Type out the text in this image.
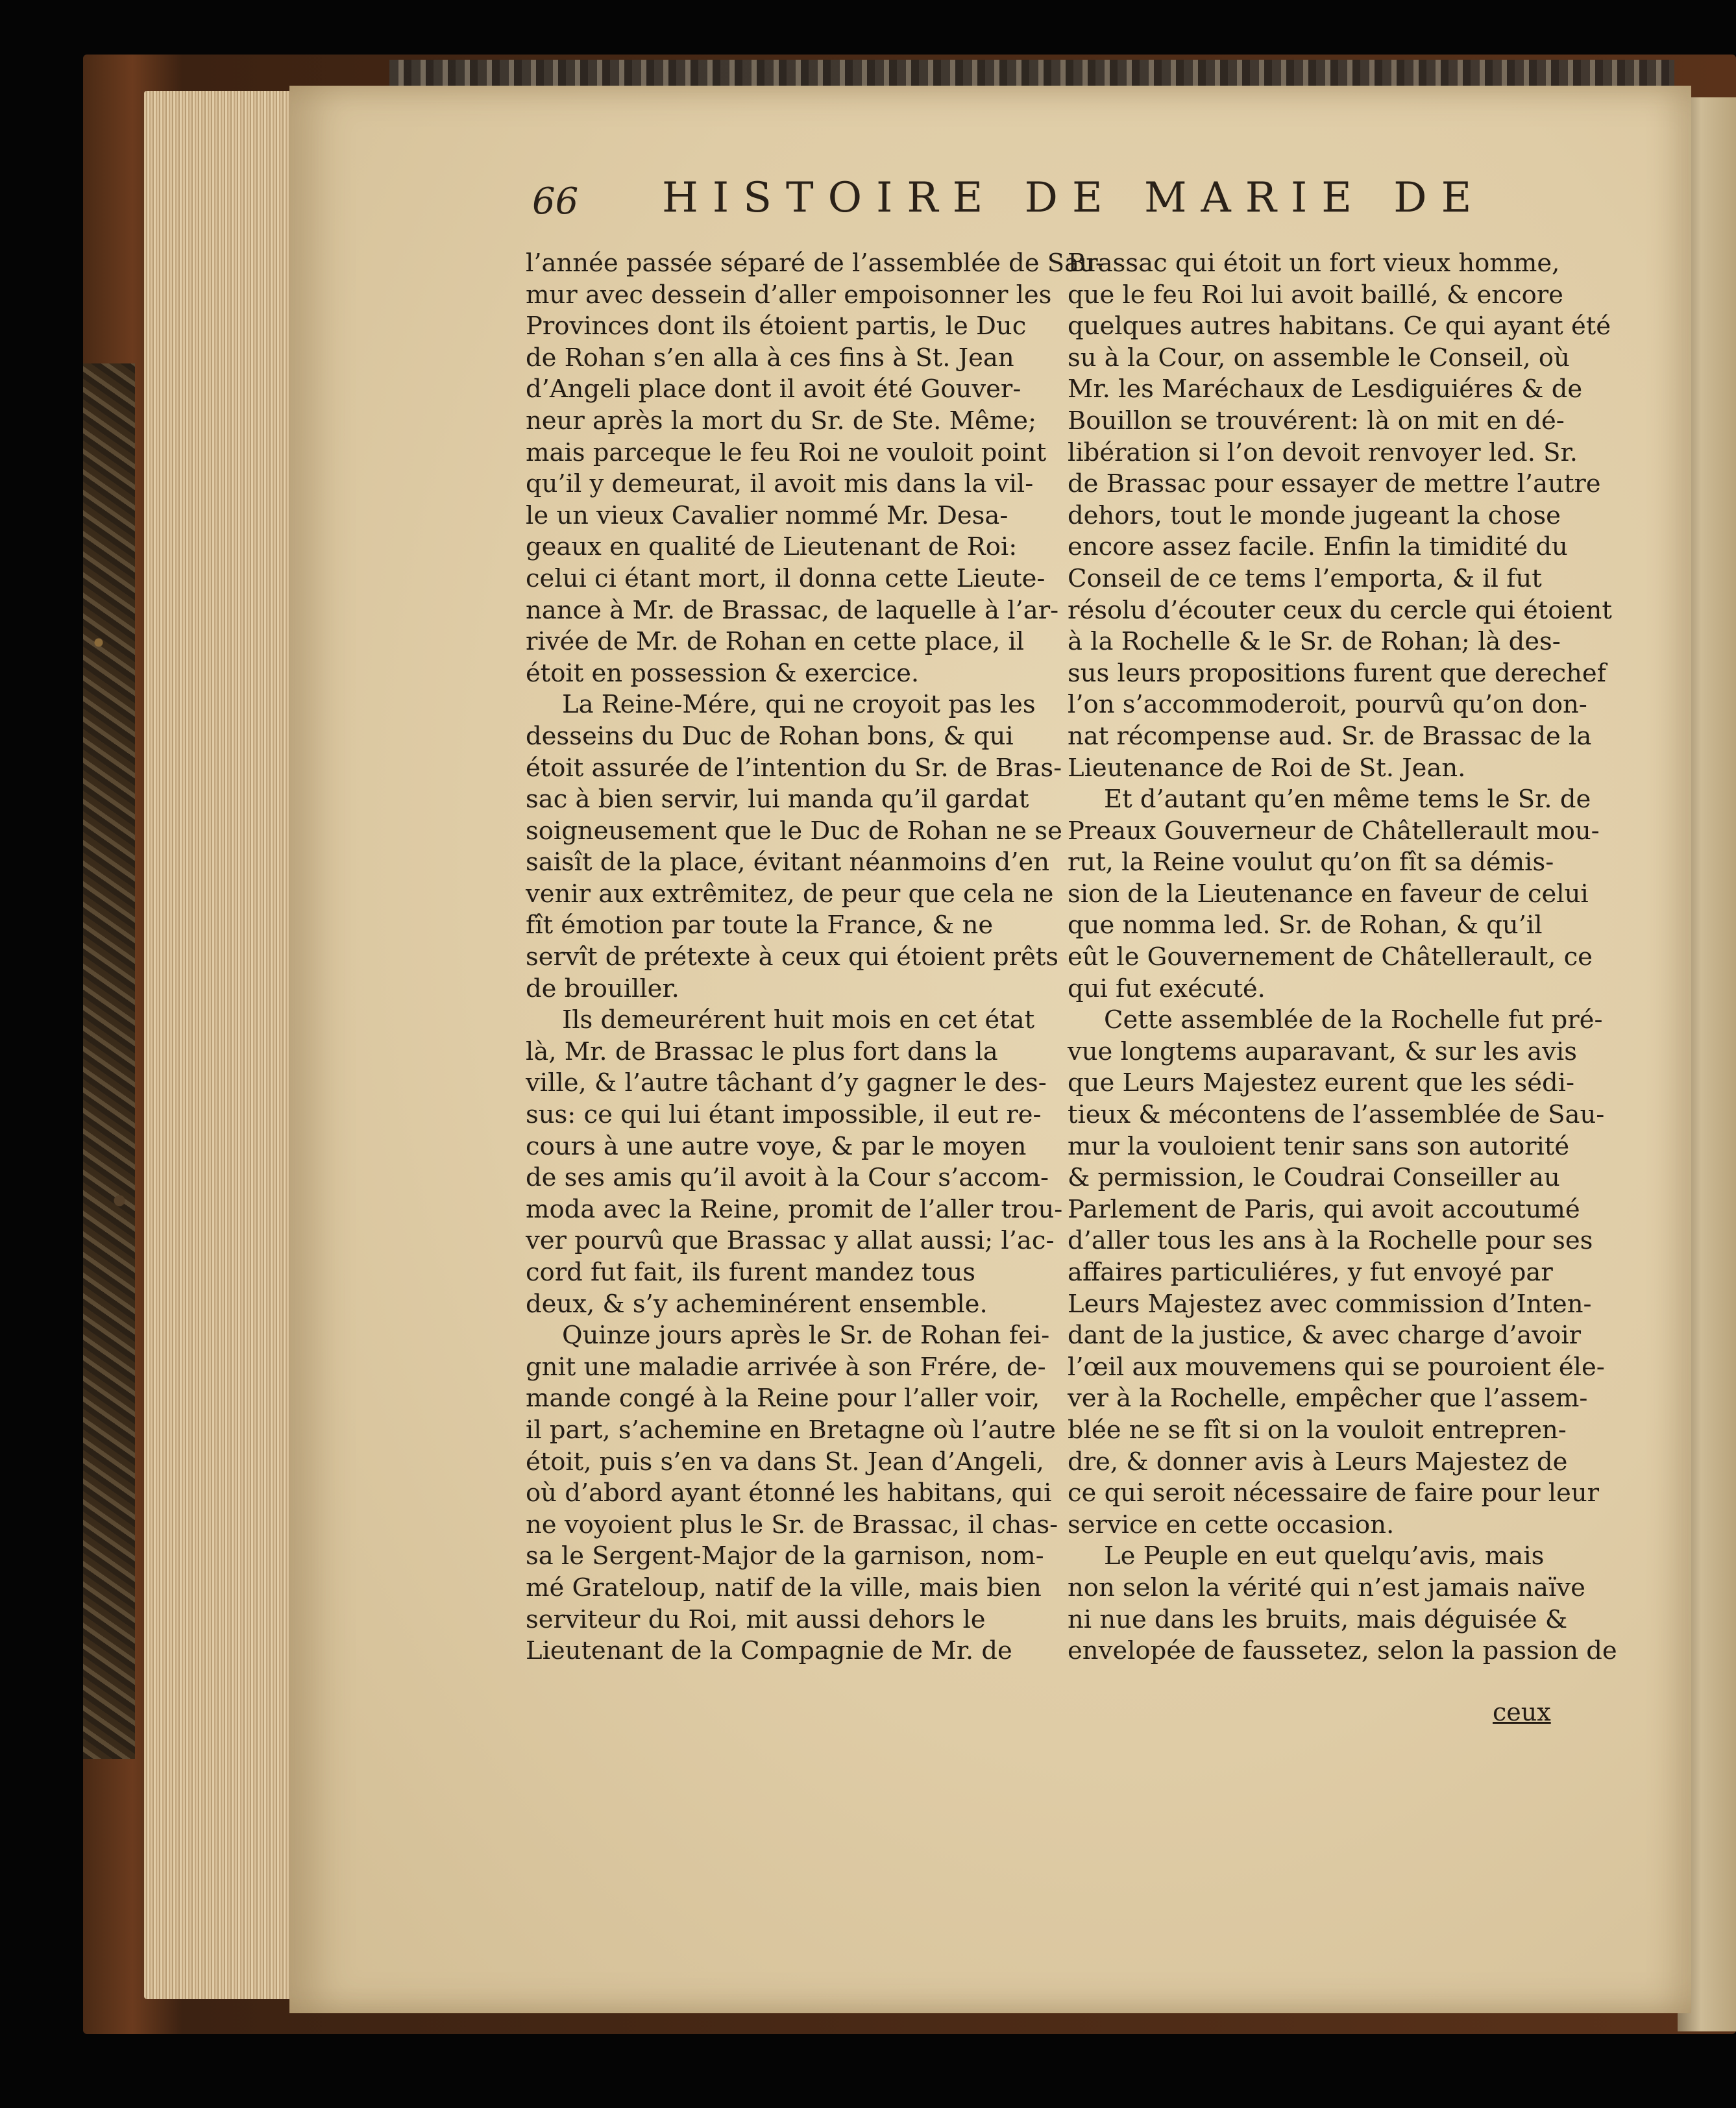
66 HISTOIRE DE MARIE DE
l’année passée séparé de l’assemblée de Sau-
mur avec dessein d’aller empoisonner les
Provinces dont ils étoient partis, le Duc
de Rohan s’en alla à ces fins à St. Jean
d’Angeli place dont il avoit été Gouver-
neur après la mort du Sr. de Ste. Même;
mais parceque le feu Roi ne vouloit point
qu’il y demeurat, il avoit mis dans la vil-
le un vieux Cavalier nommé Mr. Desa-
geaux en qualité de Lieutenant de Roi:
celui ci étant mort, il donna cette Lieute-
nance à Mr. de Brassac, de laquelle à l’ar-
rivée de Mr. de Rohan en cette place, il
étoit en possession & exercice.
La Reine-Mére, qui ne croyoit pas les
desseins du Duc de Rohan bons, & qui
étoit assurée de l’intention du Sr. de Bras-
sac à bien servir, lui manda qu’il gardat
soigneusement que le Duc de Rohan ne se
saisît de la place, évitant néanmoins d’en
venir aux extrêmitez, de peur que cela ne
fît émotion par toute la France, & ne
servît de prétexte à ceux qui étoient prêts
de brouiller.
Ils demeurérent huit mois en cet état
là, Mr. de Brassac le plus fort dans la
ville, & l’autre tâchant d’y gagner le des-
sus: ce qui lui étant impossible, il eut re-
cours à une autre voye, & par le moyen
de ses amis qu’il avoit à la Cour s’accom-
moda avec la Reine, promit de l’aller trou-
ver pourvû que Brassac y allat aussi; l’ac-
cord fut fait, ils furent mandez tous
deux, & s’y acheminérent ensemble.
Quinze jours après le Sr. de Rohan fei-
gnit une maladie arrivée à son Frére, de-
mande congé à la Reine pour l’aller voir,
il part, s’achemine en Bretagne où l’autre
étoit, puis s’en va dans St. Jean d’Angeli,
où d’abord ayant étonné les habitans, qui
ne voyoient plus le Sr. de Brassac, il chas-
sa le Sergent-Major de la garnison, nom-
mé Grateloup, natif de la ville, mais bien
serviteur du Roi, mit aussi dehors le
Lieutenant de la Compagnie de Mr. de
Brassac qui étoit un fort vieux homme,
que le feu Roi lui avoit baillé, & encore
quelques autres habitans. Ce qui ayant été
su à la Cour, on assemble le Conseil, où
Mr. les Maréchaux de Lesdiguiéres & de
Bouillon se trouvérent: là on mit en dé-
libération si l’on devoit renvoyer led. Sr.
de Brassac pour essayer de mettre l’autre
dehors, tout le monde jugeant la chose
encore assez facile. Enfin la timidité du
Conseil de ce tems l’emporta, & il fut
résolu d’écouter ceux du cercle qui étoient
à la Rochelle & le Sr. de Rohan; là des-
sus leurs propositions furent que derechef
l’on s’accommoderoit, pourvû qu’on don-
nat récompense aud. Sr. de Brassac de la
Lieutenance de Roi de St. Jean.
Et d’autant qu’en même tems le Sr. de
Preaux Gouverneur de Châtellerault mou-
rut, la Reine voulut qu’on fît sa démis-
sion de la Lieutenance en faveur de celui
que nomma led. Sr. de Rohan, & qu’il
eût le Gouvernement de Châtellerault, ce
qui fut exécuté.
Cette assemblée de la Rochelle fut pré-
vue longtems auparavant, & sur les avis
que Leurs Majestez eurent que les sédi-
tieux & mécontens de l’assemblée de Sau-
mur la vouloient tenir sans son autorité
& permission, le Coudrai Conseiller au
Parlement de Paris, qui avoit accoutumé
d’aller tous les ans à la Rochelle pour ses
affaires particuliéres, y fut envoyé par
Leurs Majestez avec commission d’Inten-
dant de la justice, & avec charge d’avoir
l’œil aux mouvemens qui se pouroient éle-
ver à la Rochelle, empêcher que l’assem-
blée ne se fît si on la vouloit entrepren-
dre, & donner avis à Leurs Majestez de
ce qui seroit nécessaire de faire pour leur
service en cette occasion.
Le Peuple en eut quelqu’avis, mais
non selon la vérité qui n’est jamais naïve
ni nue dans les bruits, mais déguisée &
envelopée de faussetez, selon la passion de
ceux
